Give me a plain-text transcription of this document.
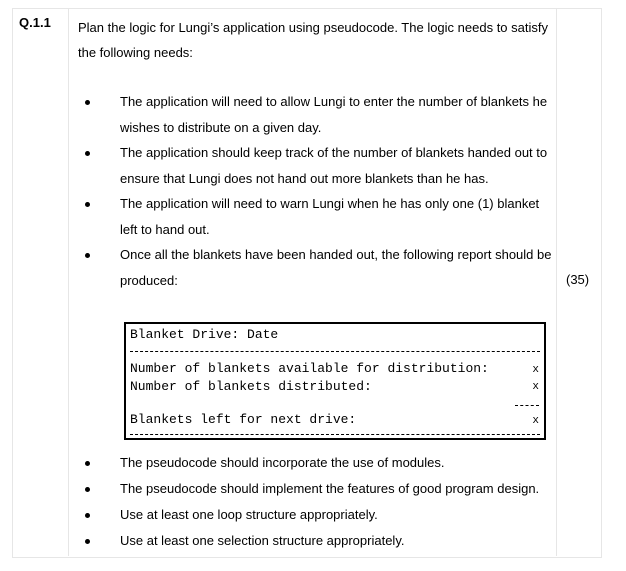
Q.1.1 Plan the logic for Lungi’s application using pseudocode. The logic needs to satisfy the following needs:
The application will need to allow Lungi to enter the number of blankets he wishes to distribute on a given day.
The application should keep track of the number of blankets handed out to ensure that Lungi does not hand out more blankets than he has.
The application will need to warn Lungi when he has only one (1) blanket left to hand out.
Once all the blankets have been handed out, the following report should be produced:	(35)
Blanket Drive: Date
Number of blankets available for distribution:	x
Number of blankets distributed:	x
Blankets left for next drive:	x
The pseudocode should incorporate the use of modules.
The pseudocode should implement the features of good program design.
Use at least one loop structure appropriately.
Use at least one selection structure appropriately.
